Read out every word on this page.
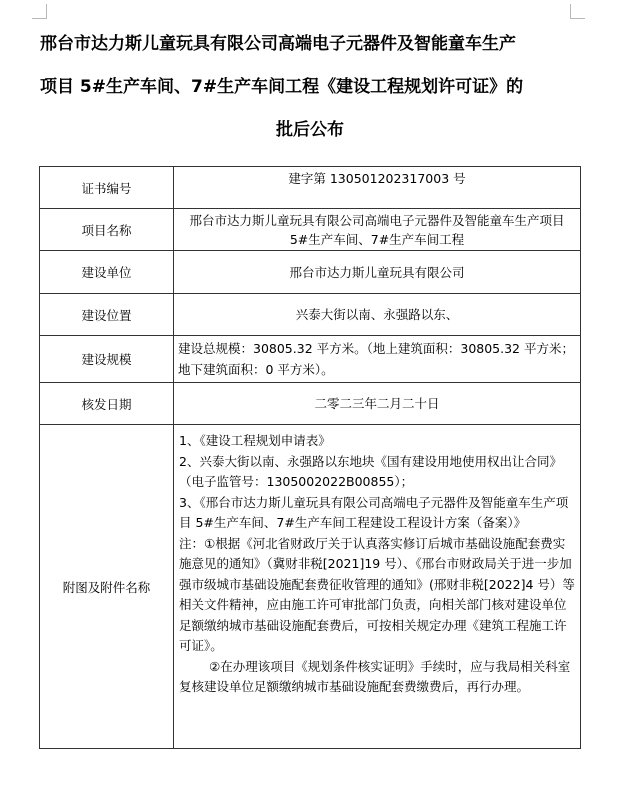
邢台市达力斯儿童玩具有限公司高端电子元器件及智能童车生产
项目 5#生产车间、7#生产车间工程《建设工程规划许可证》的
批后公布
证书编号	建字第 130501202317003 号
项目名称	邢台市达力斯儿童玩具有限公司高端电子元器件及智能童车生产项目 5#生产车间、7#生产车间工程
建设单位	邢台市达力斯儿童玩具有限公司
建设位置	兴泰大街以南、永强路以东、
建设规模	建设总规模：30805.32 平方米。（地上建筑面积：30805.32 平方米；地下建筑面积：0 平方米）。
核发日期	二零二三年二月二十日
附图及附件名称	1、《建设工程规划申请表》

2、兴泰大街以南、永强路以东地块《国有建设用地使用权出让合同》（电子监管号：1305002022B00855）；

3、《邢台市达力斯儿童玩具有限公司高端电子元器件及智能童车生产项目 5#生产车间、7#生产车间工程建设工程设计方案（备案）》

注：①根据《河北省财政厅关于认真落实修订后城市基础设施配套费实施意见的通知》（冀财非税[2021]19 号）、《邢台市财政局关于进一步加强市级城市基础设施配套费征收管理的通知》(邢财非税[2022]4 号）等相关文件精神，应由施工许可审批部门负责，向相关部门核对建设单位足额缴纳城市基础设施配套费后，可按相关规定办理《建筑工程施工许可证》。

②在办理该项目《规划条件核实证明》手续时，应与我局相关科室复核建设单位足额缴纳城市基础设施配套费缴费后，再行办理。
